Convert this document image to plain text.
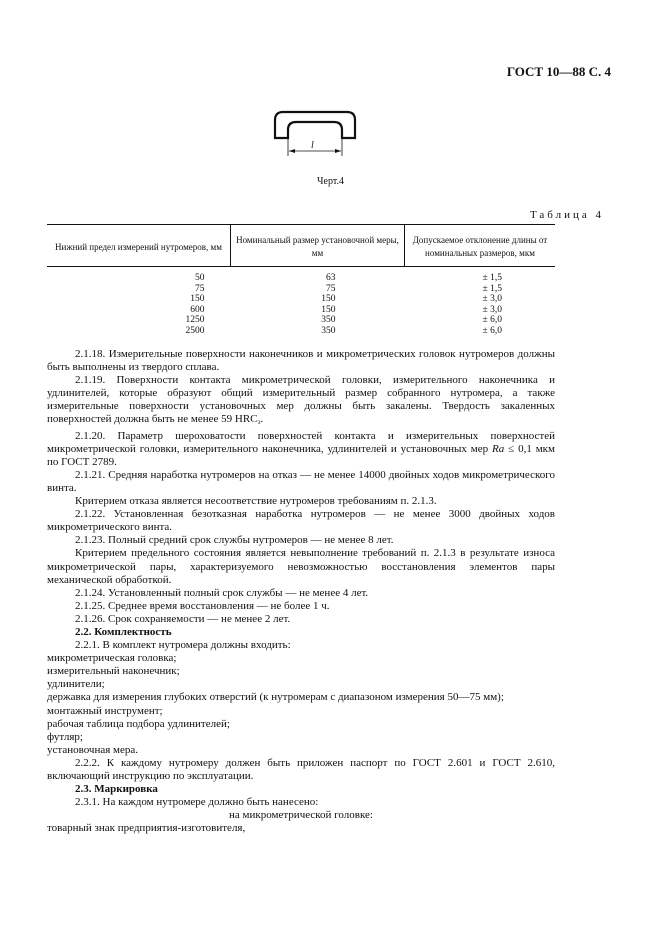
ГОСТ 10—88 С. 4
l
Черт.4
Таблица 4
Нижний предел измерений нутромеров, мм	Номинальный размер установочной меры, мм	Допускаемое отклонение длины от номинальных размеров, мкм
50	63	± 1,5
75	75	± 1,5
150	150	± 3,0
600	150	± 3,0
1250	350	± 6,0
2500	350	± 6,0

2.1.18. Измерительные поверхности наконечников и микрометрических головок нутромеров должны быть выполнены из твердого сплава.

2.1.19. Поверхности контакта микрометрической головки, измерительного наконечника и удлинителей, которые образуют общий измерительный размер собранного нутромера, а также измерительные поверхности установочных мер должны быть закалены. Твердость закаленных поверхностей должна быть не менее 59 $HRC_э$.

2.1.20. Параметр шероховатости поверхностей контакта и измерительных поверхностей микрометрической головки, измерительного наконечника, удлинителей и установочных мер Ra ≤ 0,1 мкм по ГОСТ 2789.

2.1.21. Средняя наработка нутромеров на отказ — не менее 14000 двойных ходов микрометрического винта.

Критерием отказа является несоответствие нутромеров требованиям п. 2.1.3.

2.1.22. Установленная безотказная наработка нутромеров — не менее 3000 двойных ходов микрометрического винта.

2.1.23. Полный средний срок службы нутромеров — не менее 8 лет.

Критерием предельного состояния является невыполнение требований п. 2.1.3 в результате износа микрометрической пары, характеризуемого невозможностью восстановления элементов пары механической обработкой.

2.1.24. Установленный полный срок службы — не менее 4 лет.

2.1.25. Среднее время восстановления — не более 1 ч.

2.1.26. Срок сохраняемости — не менее 2 лет.

2.2. Комплектность

2.2.1. В комплект нутромера должны входить:

микрометрическая головка;

измерительный наконечник;

удлинители;

державка для измерения глубоких отверстий (к нутромерам с диапазоном измерения 50—75 мм);

монтажный инструмент;

рабочая таблица подбора удлинителей;

футляр;

установочная мера.

2.2.2. К каждому нутромеру должен быть приложен паспорт по ГОСТ 2.601 и ГОСТ 2.610, включающий инструкцию по эксплуатации.

2.3. Маркировка

2.3.1. На каждом нутромере должно быть нанесено:

на микрометрической головке:

товарный знак предприятия-изготовителя,
